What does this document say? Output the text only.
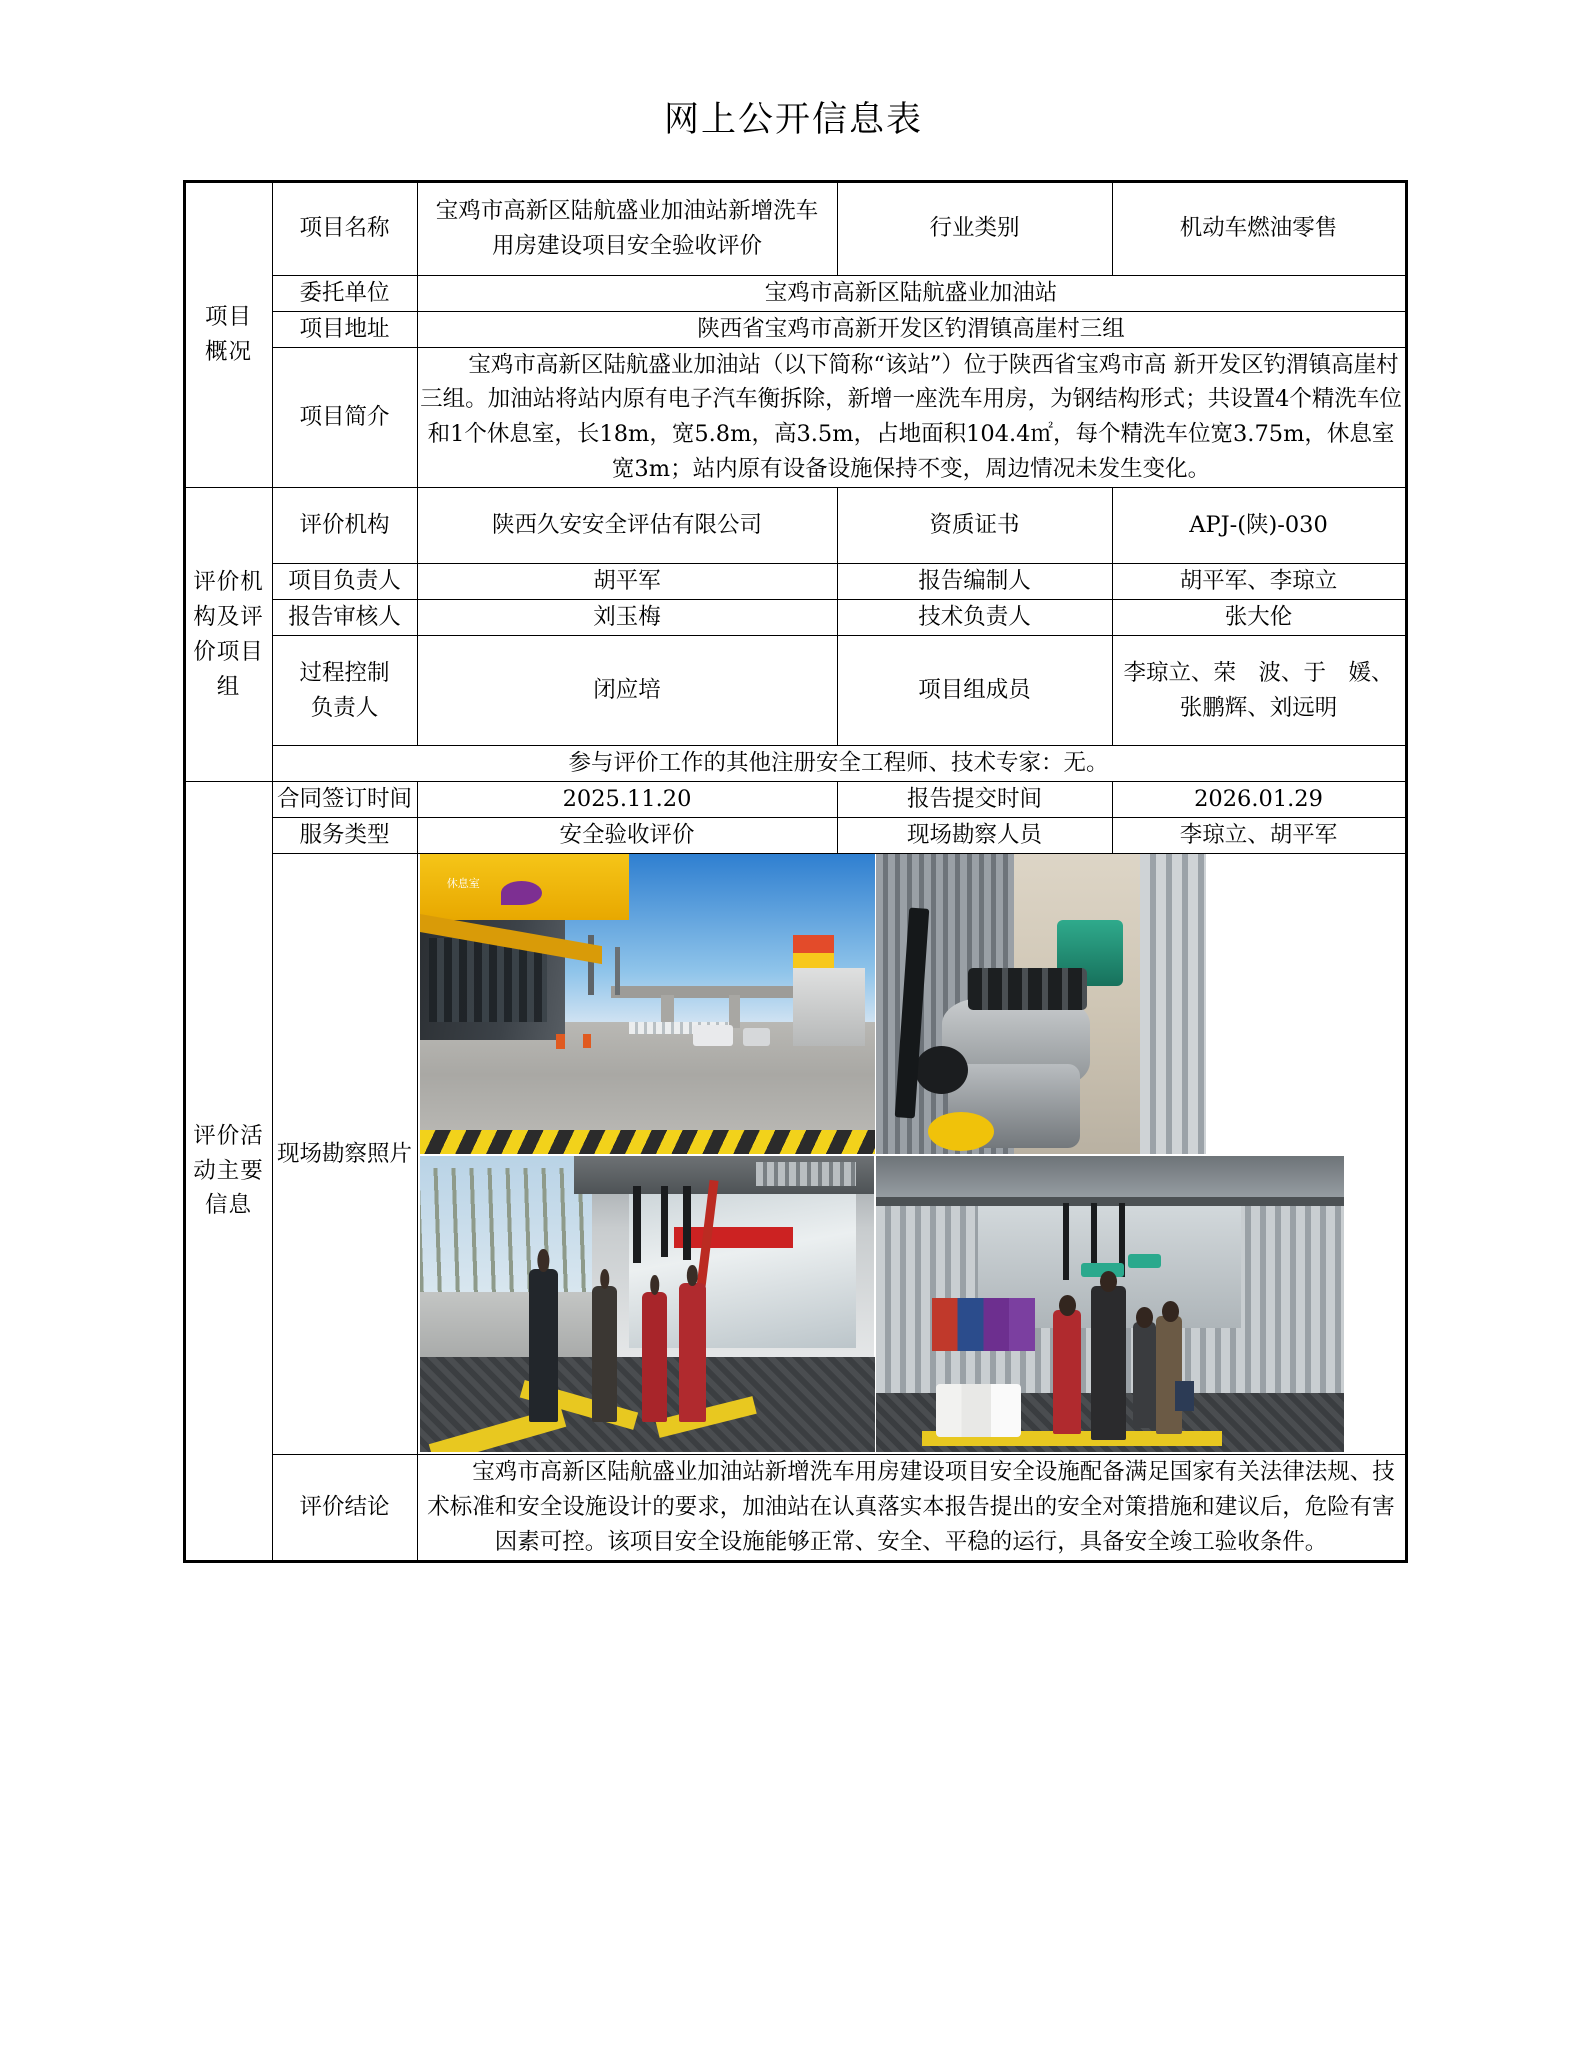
网上公开信息表
项目
概况	项目名称	宝鸡市高新区陆航盛业加油站新增洗车用房建设项目安全验收评价	行业类别	机动车燃油零售
	委托单位	宝鸡市高新区陆航盛业加油站		
	项目地址	陕西省宝鸡市高新开发区钓渭镇高崖村三组		
	项目简介	宝鸡市高新区陆航盛业加油站（以下简称“该站”）位于陕西省宝鸡市高 新开发区钓渭镇高崖村三组。加油站将站内原有电子汽车衡拆除，新增一座洗车用房，为钢结构形式；共设置4个精洗车位和1个休息室，长18m，宽5.8m，高3.5m，占地面积104.4㎡，每个精洗车位宽3.75m，休息室宽3m；站内原有设备设施保持不变，周边情况未发生变化。		

评价机
构及评
价项目
组	评价机构	陕西久安安全评估有限公司	资质证书	APJ-(陕)-030
	项目负责人	胡平军	报告编制人	胡平军、李琼立
	报告审核人	刘玉梅	技术负责人	张大伦
	过程控制负责人	闭应培	项目组成员	李琼立、荣　波、于　媛、张鹏辉、刘远明
	参与评价工作的其他注册安全工程师、技术专家：无。			

评价活
动主要
信息	合同签订时间	2025.11.20	报告提交时间	2026.01.29
	服务类型	安全验收评价	现场勘察人员	李琼立、胡平军
	现场勘察照片	休息室		

	评价结论	宝鸡市高新区陆航盛业加油站新增洗车用房建设项目安全设施配备满足国家有关法律法规、技术标准和安全设施设计的要求，加油站在认真落实本报告提出的安全对策措施和建议后，危险有害因素可控。该项目安全设施能够正常、安全、平稳的运行，具备安全竣工验收条件。		
